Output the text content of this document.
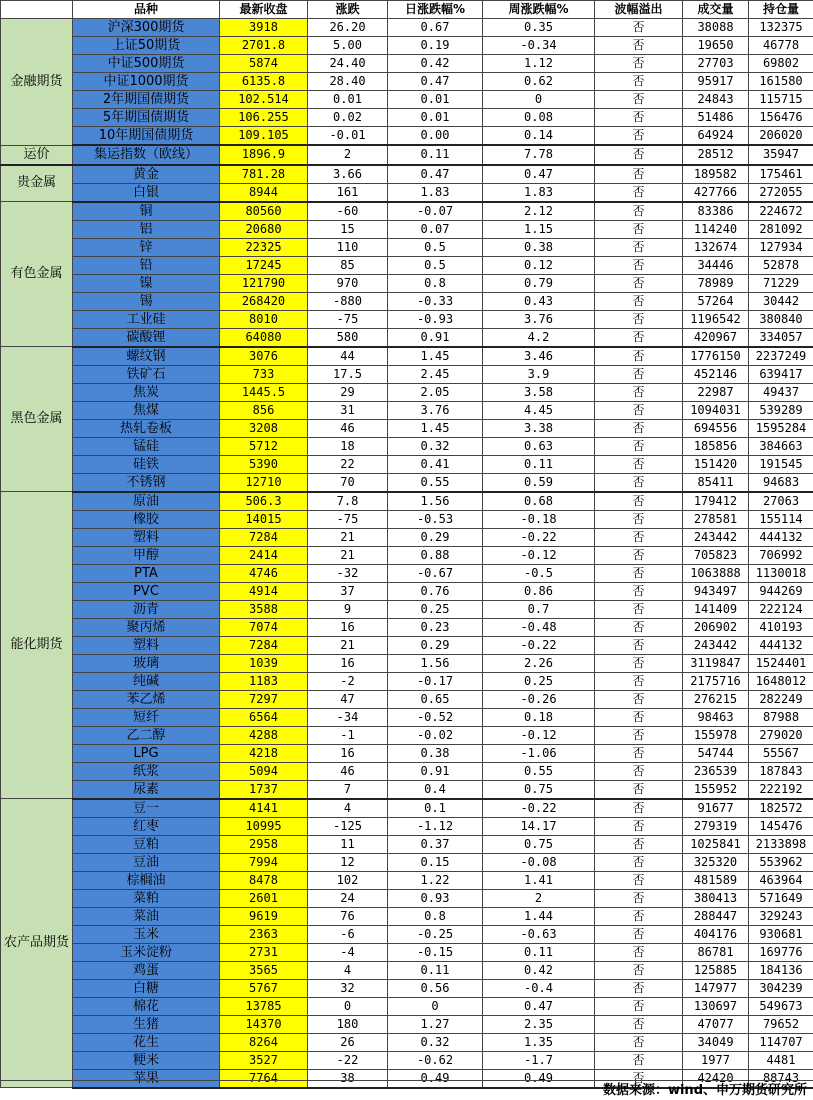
	品种	最新收盘	涨跌	日涨跌幅%	周涨跌幅%	波幅溢出	成交量	持仓量
金融期货	沪深300期货	3918	26.20	0.67	0.35	否	38088	132375
	上证50期货	2701.8	5.00	0.19	-0.34	否	19650	46778
	中证500期货	5874	24.40	0.42	1.12	否	27703	69802
	中证1000期货	6135.8	28.40	0.47	0.62	否	95917	161580
	2年期国债期货	102.514	0.01	0.01	0	否	24843	115715
	5年期国债期货	106.255	0.02	0.01	0.08	否	51486	156476
	10年期国债期货	109.105	-0.01	0.00	0.14	否	64924	206020
运价	集运指数（欧线）	1896.9	2	0.11	7.78	否	28512	35947
贵金属	黄金	781.28	3.66	0.47	0.47	否	189582	175461
	白银	8944	161	1.83	1.83	否	427766	272055
有色金属	铜	80560	-60	-0.07	2.12	否	83386	224672
	铝	20680	15	0.07	1.15	否	114240	281092
	锌	22325	110	0.5	0.38	否	132674	127934
	铅	17245	85	0.5	0.12	否	34446	52878
	镍	121790	970	0.8	0.79	否	78989	71229
	锡	268420	-880	-0.33	0.43	否	57264	30442
	工业硅	8010	-75	-0.93	3.76	否	1196542	380840
	碳酸锂	64080	580	0.91	4.2	否	420967	334057
黑色金属	螺纹钢	3076	44	1.45	3.46	否	1776150	2237249
	铁矿石	733	17.5	2.45	3.9	否	452146	639417
	焦炭	1445.5	29	2.05	3.58	否	22987	49437
	焦煤	856	31	3.76	4.45	否	1094031	539289
	热轧卷板	3208	46	1.45	3.38	否	694556	1595284
	锰硅	5712	18	0.32	0.63	否	185856	384663
	硅铁	5390	22	0.41	0.11	否	151420	191545
	不锈钢	12710	70	0.55	0.59	否	85411	94683
能化期货	原油	506.3	7.8	1.56	0.68	否	179412	27063
	橡胶	14015	-75	-0.53	-0.18	否	278581	155114
	塑料	7284	21	0.29	-0.22	否	243442	444132
	甲醇	2414	21	0.88	-0.12	否	705823	706992
	PTA	4746	-32	-0.67	-0.5	否	1063888	1130018
	PVC	4914	37	0.76	0.86	否	943497	944269
	沥青	3588	9	0.25	0.7	否	141409	222124
	聚丙烯	7074	16	0.23	-0.48	否	206902	410193
	塑料	7284	21	0.29	-0.22	否	243442	444132
	玻璃	1039	16	1.56	2.26	否	3119847	1524401
	纯碱	1183	-2	-0.17	0.25	否	2175716	1648012
	苯乙烯	7297	47	0.65	-0.26	否	276215	282249
	短纤	6564	-34	-0.52	0.18	否	98463	87988
	乙二醇	4288	-1	-0.02	-0.12	否	155978	279020
	LPG	4218	16	0.38	-1.06	否	54744	55567
	纸浆	5094	46	0.91	0.55	否	236539	187843
	尿素	1737	7	0.4	0.75	否	155952	222192
农产品期货	豆一	4141	4	0.1	-0.22	否	91677	182572
	红枣	10995	-125	-1.12	14.17	否	279319	145476
	豆粕	2958	11	0.37	0.75	否	1025841	2133898
	豆油	7994	12	0.15	-0.08	否	325320	553962
	棕榈油	8478	102	1.22	1.41	否	481589	463964
	菜粕	2601	24	0.93	2	否	380413	571649
	菜油	9619	76	0.8	1.44	否	288447	329243
	玉米	2363	-6	-0.25	-0.63	否	404176	930681
	玉米淀粉	2731	-4	-0.15	0.11	否	86781	169776
	鸡蛋	3565	4	0.11	0.42	否	125885	184136
	白糖	5767	32	0.56	-0.4	否	147977	304239
	棉花	13785	0	0	0.47	否	130697	549673
	生猪	14370	180	1.27	2.35	否	47077	79652
	花生	8264	26	0.32	1.35	否	34049	114707
	粳米	3527	-22	-0.62	-1.7	否	1977	4481
	苹果	7764	38	0.49	0.49	否	42420	88743
数据来源：wind、申万期货研究所
